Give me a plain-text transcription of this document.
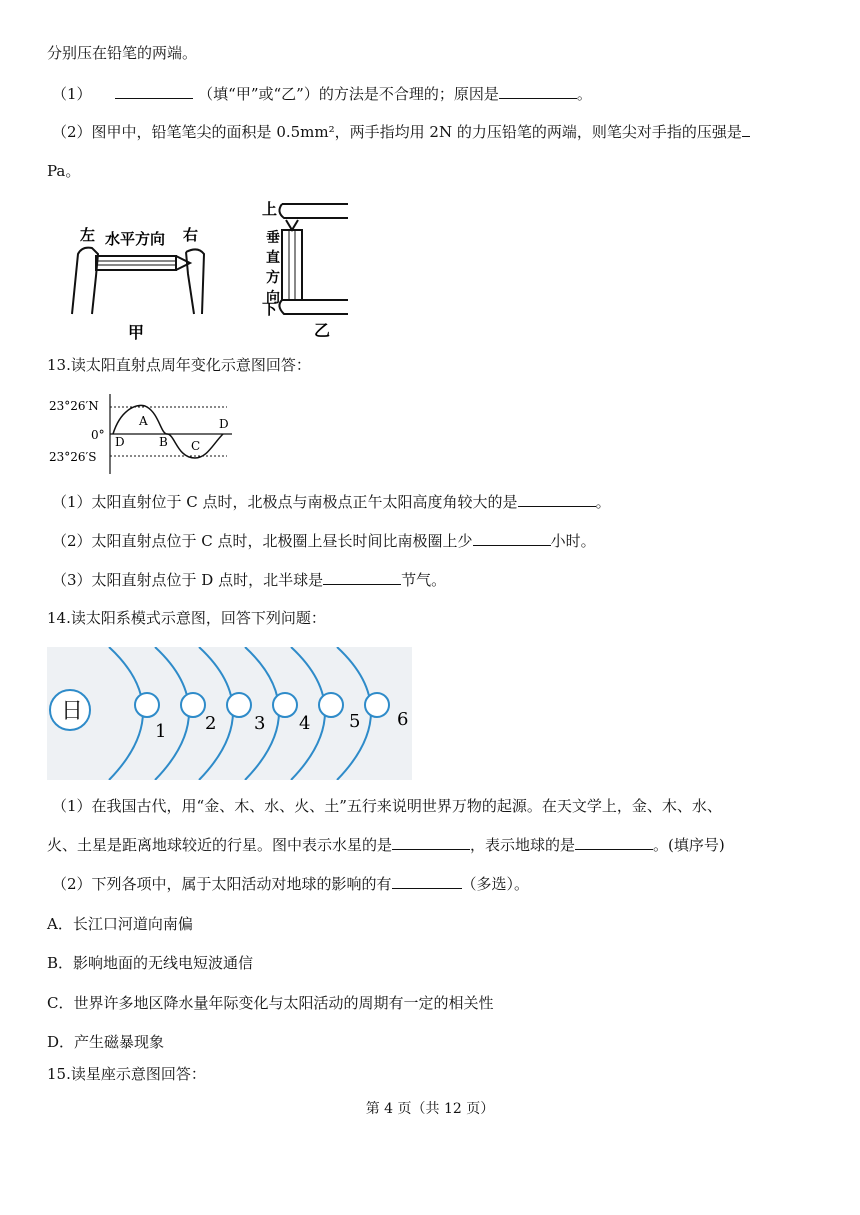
分别压在铅笔的两端。
（1）	（填“甲”或“乙”）的方法是不合理的；原因是	。
（2）图甲中，铅笔笔尖的面积是 0.5mm²，两手指均用 2N 的力压铅笔的两端，则笔尖对手指的压强是
Pa。
左 水平方向 右
甲
上
垂
直
方
向
下
乙
13.读太阳直射点周年变化示意图回答：
23°26′N
0°
23°26′S
D
A
B C
D
（1）太阳直射位于 C 点时，北极点与南极点正午太阳高度角较大的是	。
（2）太阳直射点位于 C 点时，北极圈上昼长时间比南极圈上少	小时。
（3）太阳直射点位于 D 点时，北半球是	节气。
14.读太阳系模式示意图，回答下列问题：
日
1 2 3 4 5 6
（1）在我国古代，用“金、木、水、火、土”五行来说明世界万物的起源。在天文学上，金、木、水、
火、土星是距离地球较近的行星。图中表示水星的是	，表示地球的是	。(填序号)
（2）下列各项中，属于太阳活动对地球的影响的有	（多选）。
A．长江口河道向南偏
B．影响地面的无线电短波通信
C．世界许多地区降水量年际变化与太阳活动的周期有一定的相关性
D．产生磁暴现象
15.读星座示意图回答：
第 4 页（共 12 页）
